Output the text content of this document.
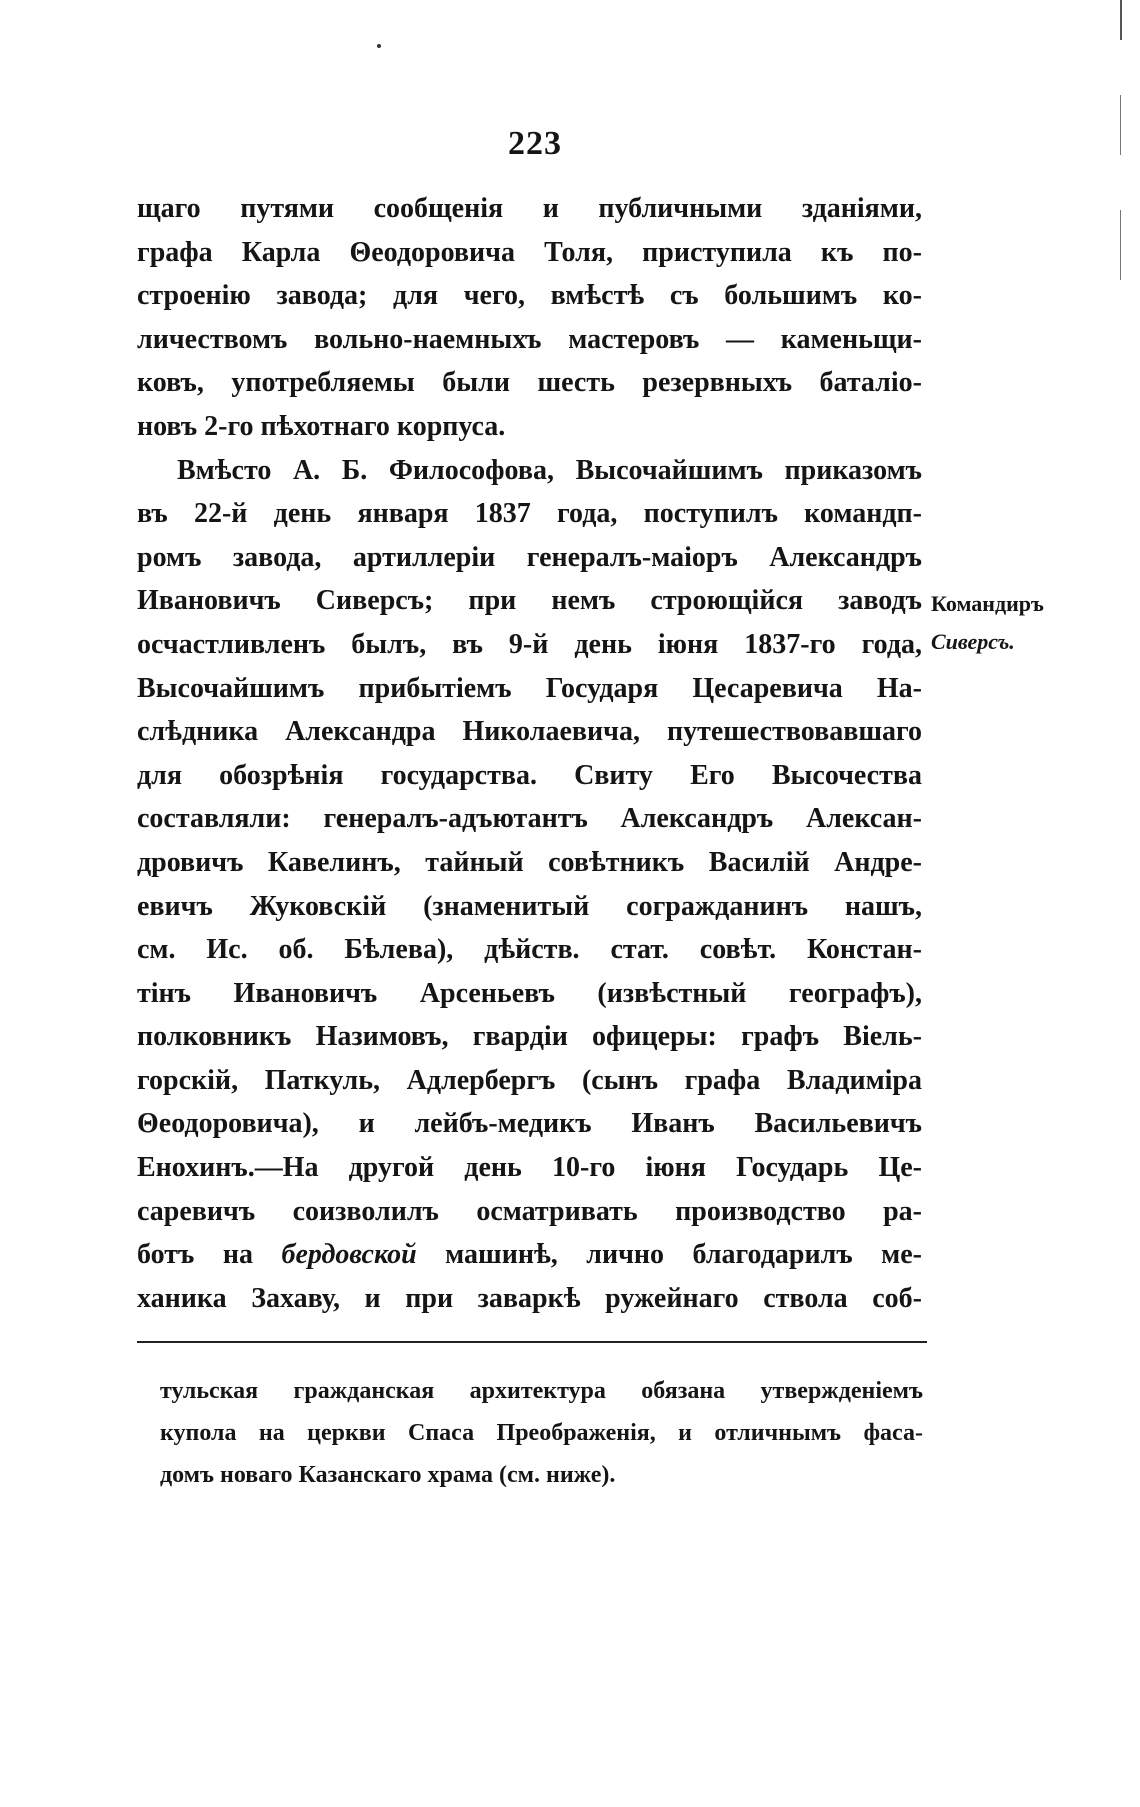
223
щаго путями сообщенія и публичными зданіями,
графа Карла Θеодоровича Толя, приступила къ по-
строенію завода; для чего, вмѣстѣ съ большимъ ко-
личествомъ вольно-наемныхъ мастеровъ — каменьщи-
ковъ, употребляемы были шесть резервныхъ баталіо-
новъ 2-го пѣхотнаго корпуса.
Вмѣсто А. Б. Философова, Высочайшимъ приказомъ
въ 22-й день января 1837 года, поступилъ командп-
ромъ завода, артиллеріи генералъ-маіоръ Александръ
Ивановичъ Сиверсъ; при немъ строющійся заводъ
осчастливленъ былъ, въ 9-й день іюня 1837-го года,
Высочайшимъ прибытіемъ Государя Цесаревича На-
слѣдника Александра Николаевича, путешествовавшаго
для обозрѣнія государства. Свиту Его Высочества
составляли: генералъ-адъютантъ Александръ Алексан-
дровичъ Кавелинъ, тайный совѣтникъ Василій Андре-
евичъ Жуковскій (знаменитый согражданинъ нашъ,
см. Ис. об. Бѣлева), дѣйств. стат. совѣт. Констан-
тінъ Ивановичъ Арсеньевъ (извѣстный географъ),
полковникъ Назимовъ, гвардіи офицеры: графъ Віель-
горскій, Паткуль, Адлербергъ (сынъ графа Владиміра
Θеодоровича), и лейбъ-медикъ Иванъ Васильевичъ
Енохинъ.—На другой день 10-го іюня Государь Це-
саревичъ соизволилъ осматривать производство ра-
ботъ на бердовской машинѣ, лично благодарилъ ме-
ханика Захаву, и при заваркѣ ружейнаго ствола соб-
Командиръ
Сиверсъ.
тульская гражданская архитектура обязана утвержденіемъ
купола на церкви Спаса Преображенія, и отличнымъ фаса-
домъ новаго Казанскаго храма (см. ниже).
